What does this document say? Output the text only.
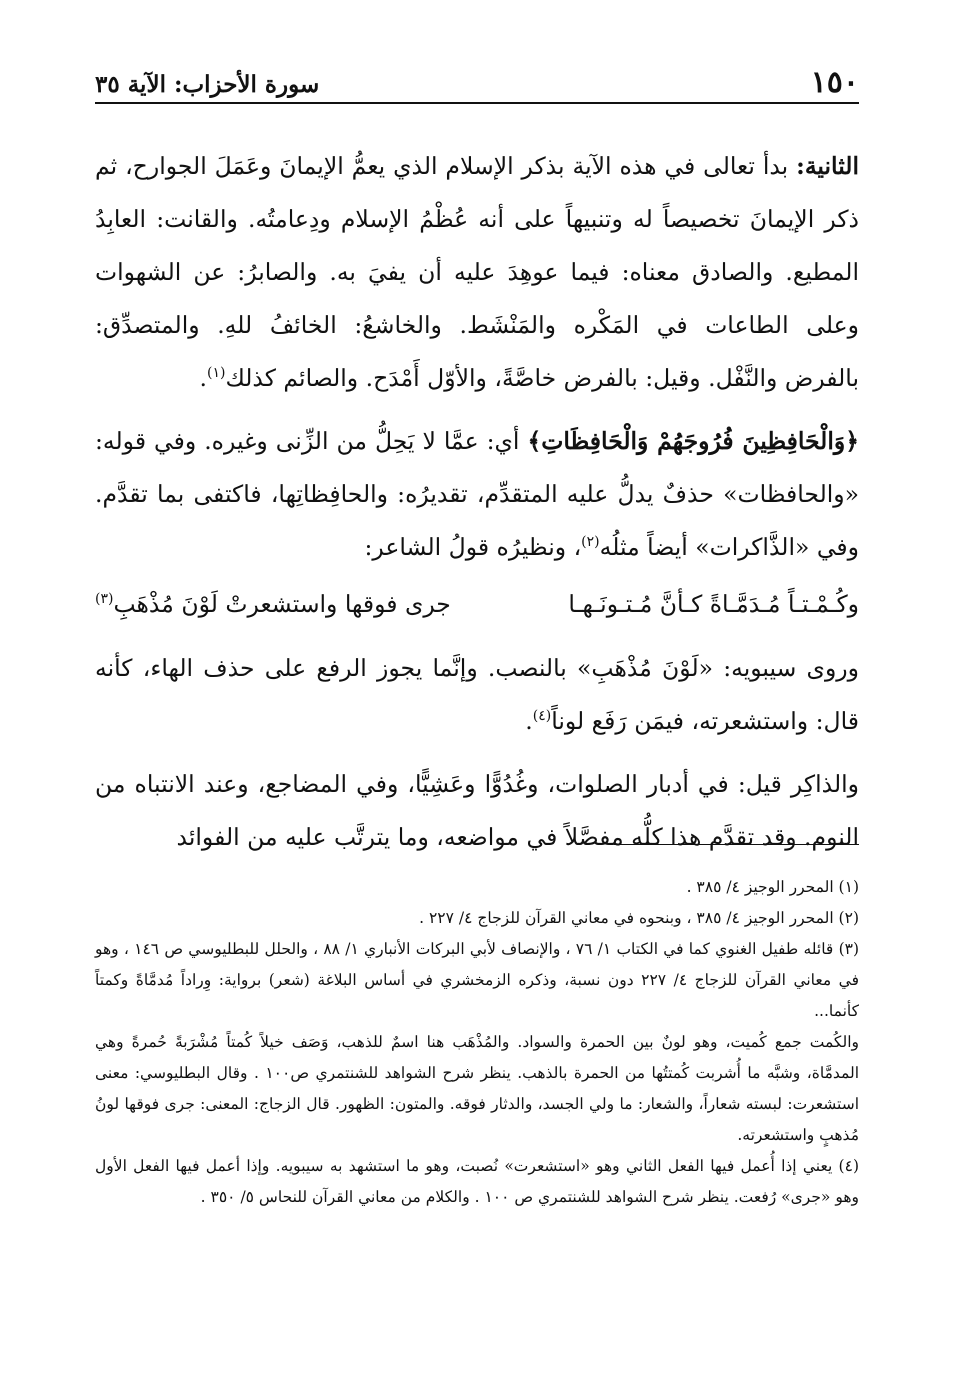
١٥٠
سورة الأحزاب: الآية ٣٥

الثانية: بدأ تعالى في هذه الآية بذكر الإسلام الذي يعمُّ الإيمانَ وعَمَلَ الجوارح، ثم ذكر الإيمانَ تخصيصاً له وتنبيهاً على أنه عُظْمُ الإسلام ودِعامتُه. والقانت: العابِدُ المطيع. والصادق معناه: فيما عوهِدَ عليه أن يفيَ به. والصابرُ: عن الشهوات وعلى الطاعات في المَكْره والمَنْشَط. والخاشعُ: الخائفُ للهِ. والمتصدِّق: بالفرض والنَّفْل. وقيل: بالفرض خاصَّةً، والأوّل أَمْدَح. والصائم كذلك$^{(١)}$.

﴿وَالْحَافِظِينَ فُرُوجَهُمْ وَالْحَافِظَاتِ﴾ أي: عمَّا لا يَحِلُّ من الزِّنى وغيره. وفي قوله: «والحافظات» حذفٌ يدلُّ عليه المتقدِّم، تقديرُه: والحافِظاتِها، فاكتفى بما تقدَّم. وفي «الذَّاكرات» أيضاً مثلُه$^{(٢)}$، ونظيرُه قولُ الشاعر:

وكُـمْـتـاً مُـدَمَّـاةً كـأنَّ مُـتـونَـهـا
جرى فوقها واستشعرتْ لَوْنَ مُذْهَبِ$^{(٣)}$

وروى سيبويه: «لَوْنَ مُذْهَبِ» بالنصب. وإنَّما يجوز الرفع على حذف الهاء، كأنه قال: واستشعرته، فيمَن رَفَع لوناً$^{(٤)}$.

والذاكِر قيل: في أدبار الصلوات، وغُدُوًّا وعَشِيًّا، وفي المضاجع، وعند الانتباه من النوم. وقد تقدَّم هذا كلُّه مفصَّلاً في مواضعه، وما يترتَّب عليه من الفوائد

(١) المحرر الوجيز ٤/ ٣٨٥ .

(٢) المحرر الوجيز ٤/ ٣٨٥ ، وبنحوه في معاني القرآن للزجاج ٤/ ٢٢٧ .

(٣) قائله طفيل الغنوي كما في الكتاب ١/ ٧٦ ، والإنصاف لأبي البركات الأنباري ١/ ٨٨ ، والحلل للبطليوسي ص ١٤٦ ، وهو في معاني القرآن للزجاج ٤/ ٢٢٧ دون نسبة، وذكره الزمخشري في أساس البلاغة (شعر) برواية: وِراداً مُدمَّاةً وكمتاً كأنما...

والكُمت جمع كُميت، وهو لونٌ بين الحمرة والسواد. والمُذْهَب هنا اسمٌ للذهب، وَصَف خيلاً كُمتاً مُشْرَبةً حُمرةً وهي المدمَّاة، وشبَّه ما أُشربت كُمتتُها من الحمرة بالذهب. ينظر شرح الشواهد للشنتمري ص١٠٠ . وقال البطليوسي: معنى استشعرت: لبسته شعاراً، والشعار: ما ولي الجسد، والدثار فوقه. والمتون: الظهور. قال الزجاج: المعنى: جرى فوقها لونُ مُذهبٍ واستشعرته.

(٤) يعني إذا أُعمل فيها الفعل الثاني وهو «استشعرت» نُصبت، وهو ما استشهد به سيبويه. وإذا أعمل فيها الفعل الأول وهو «جرى» رُفعت. ينظر شرح الشواهد للشنتمري ص ١٠٠ . والكلام من معاني القرآن للنحاس ٥/ ٣٥٠ .
